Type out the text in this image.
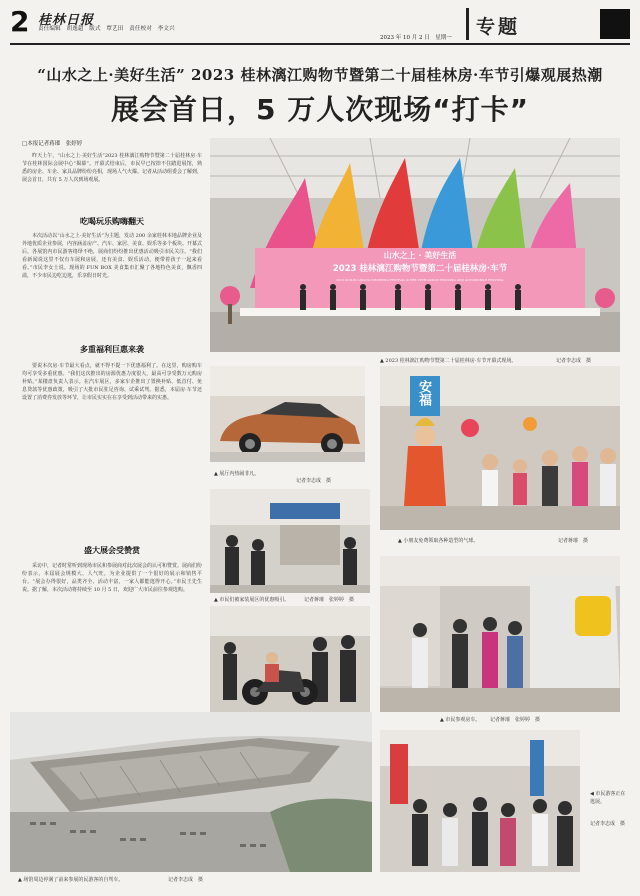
2 桂林日报
责任编辑　胡逸超　版式　覃艺田　责任校对　李文兴
2023 年 10 月 2 日　星期一 专题
“山水之上·美好生活” 2023 桂林漓江购物节暨第二十届桂林房·车节引爆观展热潮
展会首日，5 万人次现场“打卡”
□本报记者蒋璀　张婷婷
昨天上午，“山水之上·美好生活”2023 桂林漓江购物节暨第二十届桂林房·车节在桂林国际会展中心“揭幕”。开幕式结束后，市民早已按捺不住踏进展馆，熟悉的房企、车企、家具品牌纷纷亮相，现场人气火爆。记者从活动组委会了解到，展会首日，共有 5 万人次到场观展。
吃喝玩乐购嗨翻天
本次活动以“山水之上·美好生活”为主题，发动 200 余家桂林本地品牌企业及外地优质企业参展，内容涵盖房产、汽车、家居、美食、娱乐等多个板块。开幕式后，各展馆内市民游客络绎不绝，展商们纷纷推出优惠活动吸引市民关注。“我们看新闻说这里不仅有车展和房展，还有美食、娱乐活动，便带着孩子一起来看看。”市民李女士说。现场的 FUN BOX 美食集市汇聚了各地特色美食，飘香四溢，不少市民边吃边逛，乐享假日时光。
多重福利巨惠来袭
要说本次房·车节最大看点，就不得不提一下优惠福利了。在这里，购房购车均可享受多重优惠。“我们这次推出的房源优惠力度很大，最高可享受数万元购房补贴。”某楼盘负责人表示。在汽车展区，多家车企推出了置换补贴、低首付、免息贷款等优惠政策，吸引了大批市民驻足咨询、试乘试驾。据悉，本届房·车节还设置了消费券发放等环节，让市民实实在在享受到活动带来的实惠。
盛大展会受赞赏
采访中，记者时常听到现场市民和参展商对此次展会的认可和赞赏。展商们纷纷表示，本届展会规模大、人气旺，为企业提供了一个很好的展示和销售平台。“展会办得很好，品类齐全、活动丰富，一家人都能逛得开心。”市民王先生说。据了解，本次活动将持续至 10 月 5 日，欢迎广大市民前往参观选购。
山水之上 · 美好生活
2023 桂林漓江购物节暨第二十届桂林房·车节
2023 GUILIN LIJIANG SHOPPING FESTIVAL & THE 20TH GUILIN HOUSING AND AUTOMOBILE FESTIVAL
▲ 2023 桂林漓江购物节暨第二十届桂林房·车节开幕式现场。	记者李志成　摄
▲ 展厅内热闹非凡。
记者李志成　摄
安福
▲ 小朋友免费领取各种造型的气球。	记者蒋璀　摄
▲ 市民们被家装展区的优惠吸引。	记者蒋璀　张婷婷　摄
▲ 市民参观房车。 记者蒋璀　张婷婷　摄
▲ 场馆周边停满了前来参展的民游客的自驾车。	记者李志成　摄
◀ 市民游客正在逛展。
记者李志成　摄
